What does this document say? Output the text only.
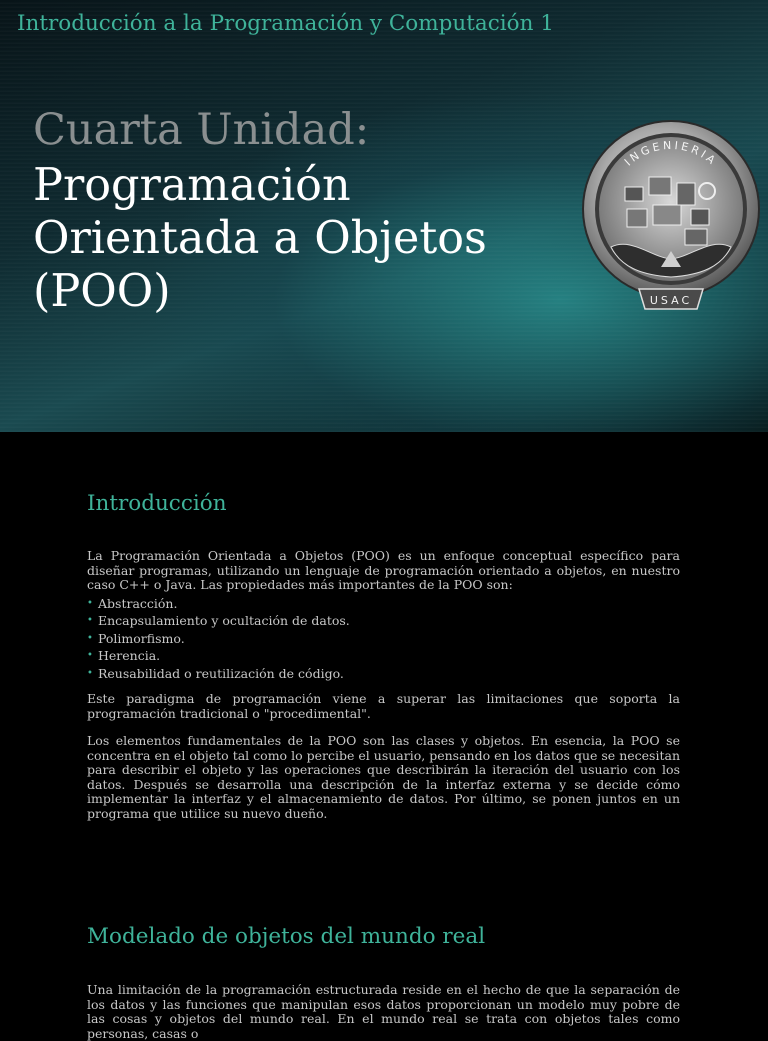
Introducción a la Programación y Computación 1
Cuarta Unidad:
Programación
Orientada a Objetos
(POO)
INGENIERIA
USAC
Introducción

La Programación Orientada a Objetos (POO) es un enfoque conceptual específico para diseñar programas, utilizando un lenguaje de programación orientado a objetos, en nuestro caso C++ o Java. Las propiedades más importantes de la POO son:

• Abstracción.
• Encapsulamiento y ocultación de datos.
• Polimorfismo.
• Herencia.
• Reusabilidad o reutilización de código.

Este paradigma de programación viene a superar las limitaciones que soporta la programación tradicional o "procedimental".

Los elementos fundamentales de la POO son las clases y objetos. En esencia, la POO se concentra en el objeto tal como lo percibe el usuario, pensando en los datos que se necesitan para describir el objeto y las operaciones que describirán la iteración del usuario con los datos. Después se desarrolla una descripción de la interfaz externa y se decide cómo implementar la interfaz y el almacenamiento de datos. Por último, se ponen juntos en un programa que utilice su nuevo dueño.

Modelado de objetos del mundo real

Una limitación de la programación estructurada reside en el hecho de que la separación de los datos y las funciones que manipulan esos datos proporcionan un modelo muy pobre de las cosas y objetos del mundo real. En el mundo real se trata con objetos tales como personas, casas o
